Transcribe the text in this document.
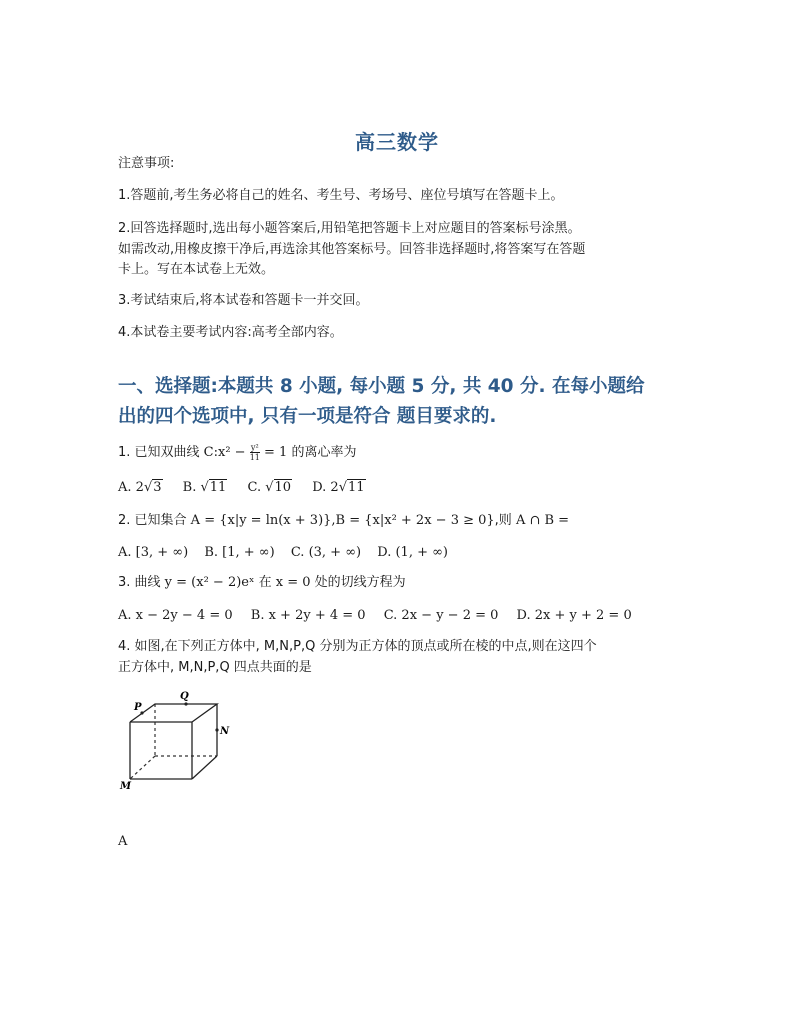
高三数学
注意事项:
1.答题前,考生务必将自己的姓名、考生号、考场号、座位号填写在答题卡上。
2.回答选择题时,选出每小题答案后,用铅笔把答题卡上对应题目的答案标号涂黑。
如需改动,用橡皮擦干净后,再选涂其他答案标号。回答非选择题时,将答案写在答题
卡上。写在本试卷上无效。
3.考试结束后,将本试卷和答题卡一并交回。
4.本试卷主要考试内容:高考全部内容。
一、选择题:本题共 8 小题, 每小题 5 分, 共 40 分. 在每小题给
出的四个选项中, 只有一项是符合 题目要求的.
1. 已知双曲线 C:x² − $\frac{\text{y²}}{11} = 1$ 的离心率为
A. 2√3 B. √11 C. √10 D. 2√11
2. 已知集合 A = {x|y = ln(x + 3)},B = {x|x² + 2x − 3 ≥ 0},则 A ∩ B =
A. [3, + ∞) B. [1, + ∞) C. (3, + ∞) D. (1, + ∞)
3. 曲线 y = (x² − 2)eˣ 在 x = 0 处的切线方程为
A. x − 2y − 4 = 0 B. x + 2y + 4 = 0 C. 2x − y − 2 = 0 D. 2x + y + 2 = 0
4. 如图,在下列正方体中, M,N,P,Q 分别为正方体的顶点或所在棱的中点,则在这四个
正方体中, M,N,P,Q 四点共面的是
P
Q
N
M
A
